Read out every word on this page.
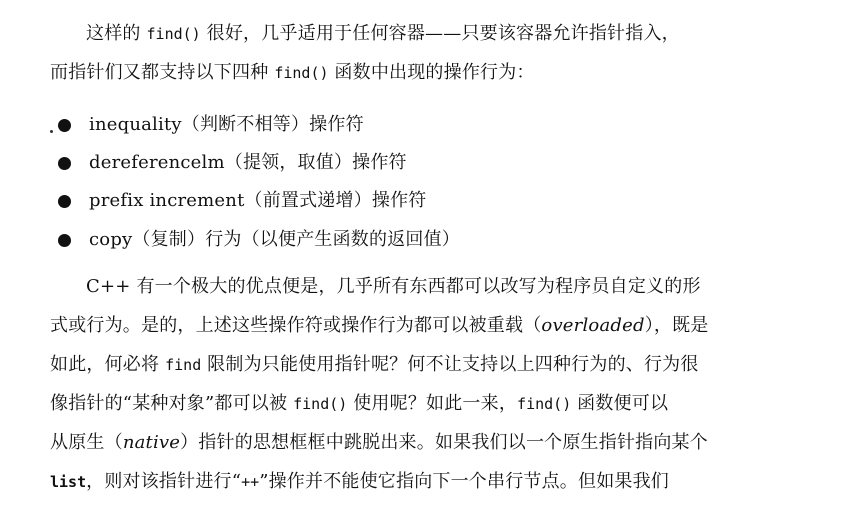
这样的 find() 很好，几乎适用于任何容器——只要该容器允许指针指入，
而指针们又都支持以下四种 find() 函数中出现的操作行为：
inequality（判断不相等）操作符
dereferencelm（提领，取值）操作符
prefix increment（前置式递增）操作符
copy（复制）行为（以便产生函数的返回值）
C++ 有一个极大的优点便是，几乎所有东西都可以改写为程序员自定义的形
式或行为。是的，上述这些操作符或操作行为都可以被重载（overloaded），既是
如此，何必将 find 限制为只能使用指针呢？何不让支持以上四种行为的、行为很
像指针的“某种对象”都可以被 find() 使用呢？如此一来，find() 函数便可以
从原生（native）指针的思想框框中跳脱出来。如果我们以一个原生指针指向某个
list，则对该指针进行“++”操作并不能使它指向下一个串行节点。但如果我们
